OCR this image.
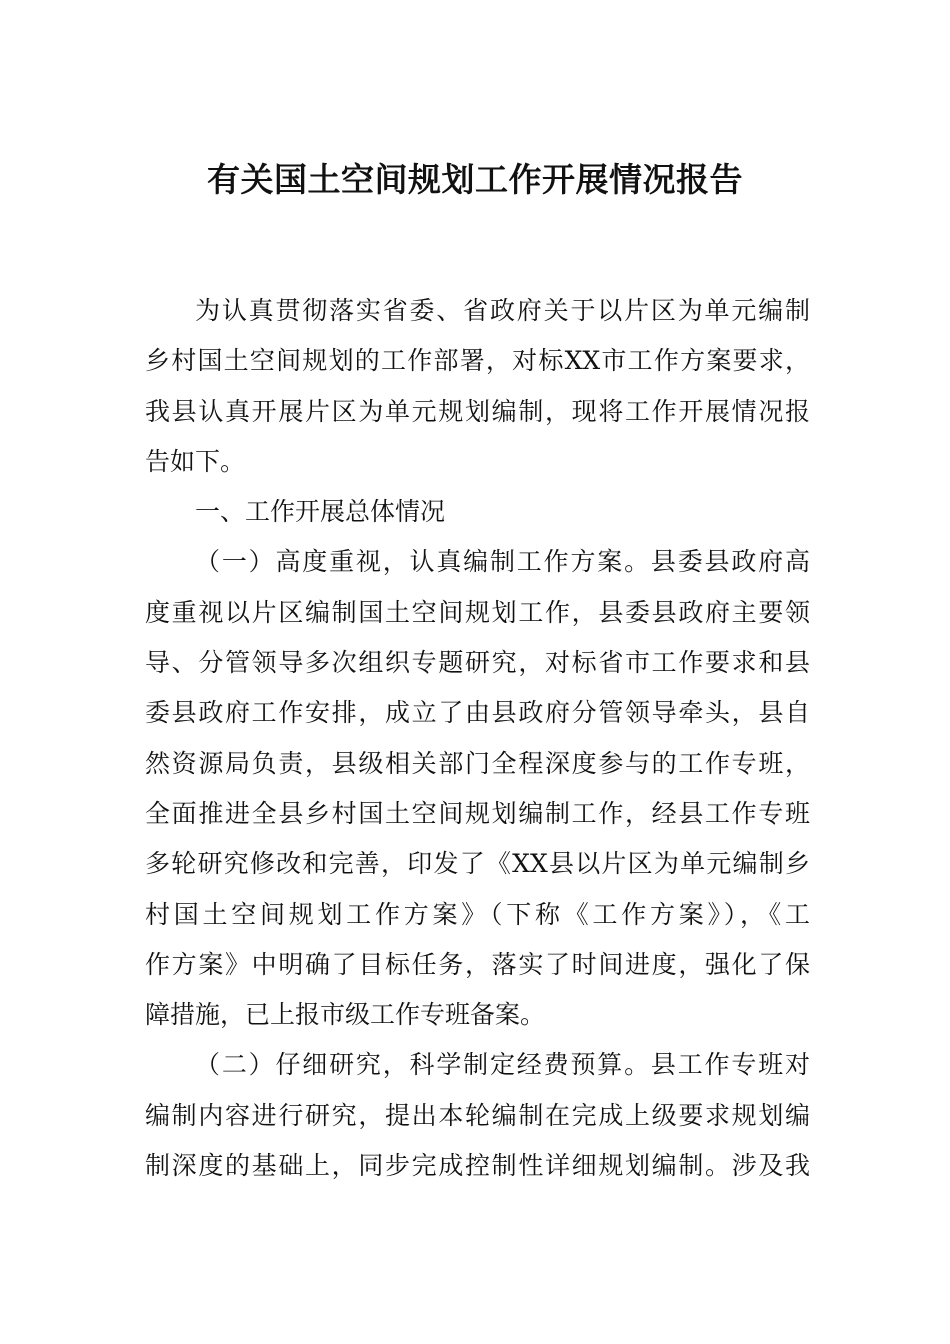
有关国土空间规划工作开展情况报告
为认真贯彻落实省委、省政府关于以片区为单元编制
乡村国土空间规划的工作部署，对标XX市工作方案要求，
我县认真开展片区为单元规划编制，现将工作开展情况报
告如下。
一、工作开展总体情况
（一）高度重视，认真编制工作方案。县委县政府高
度重视以片区编制国土空间规划工作，县委县政府主要领
导、分管领导多次组织专题研究，对标省市工作要求和县
委县政府工作安排，成立了由县政府分管领导牵头，县自
然资源局负责，县级相关部门全程深度参与的工作专班，
全面推进全县乡村国土空间规划编制工作，经县工作专班
多轮研究修改和完善，印发了《XX县以片区为单元编制乡
村国土空间规划工作方案》（下称《工作方案》），《工
作方案》中明确了目标任务，落实了时间进度，强化了保
障措施，已上报市级工作专班备案。
（二）仔细研究，科学制定经费预算。县工作专班对
编制内容进行研究，提出本轮编制在完成上级要求规划编
制深度的基础上，同步完成控制性详细规划编制。涉及我
